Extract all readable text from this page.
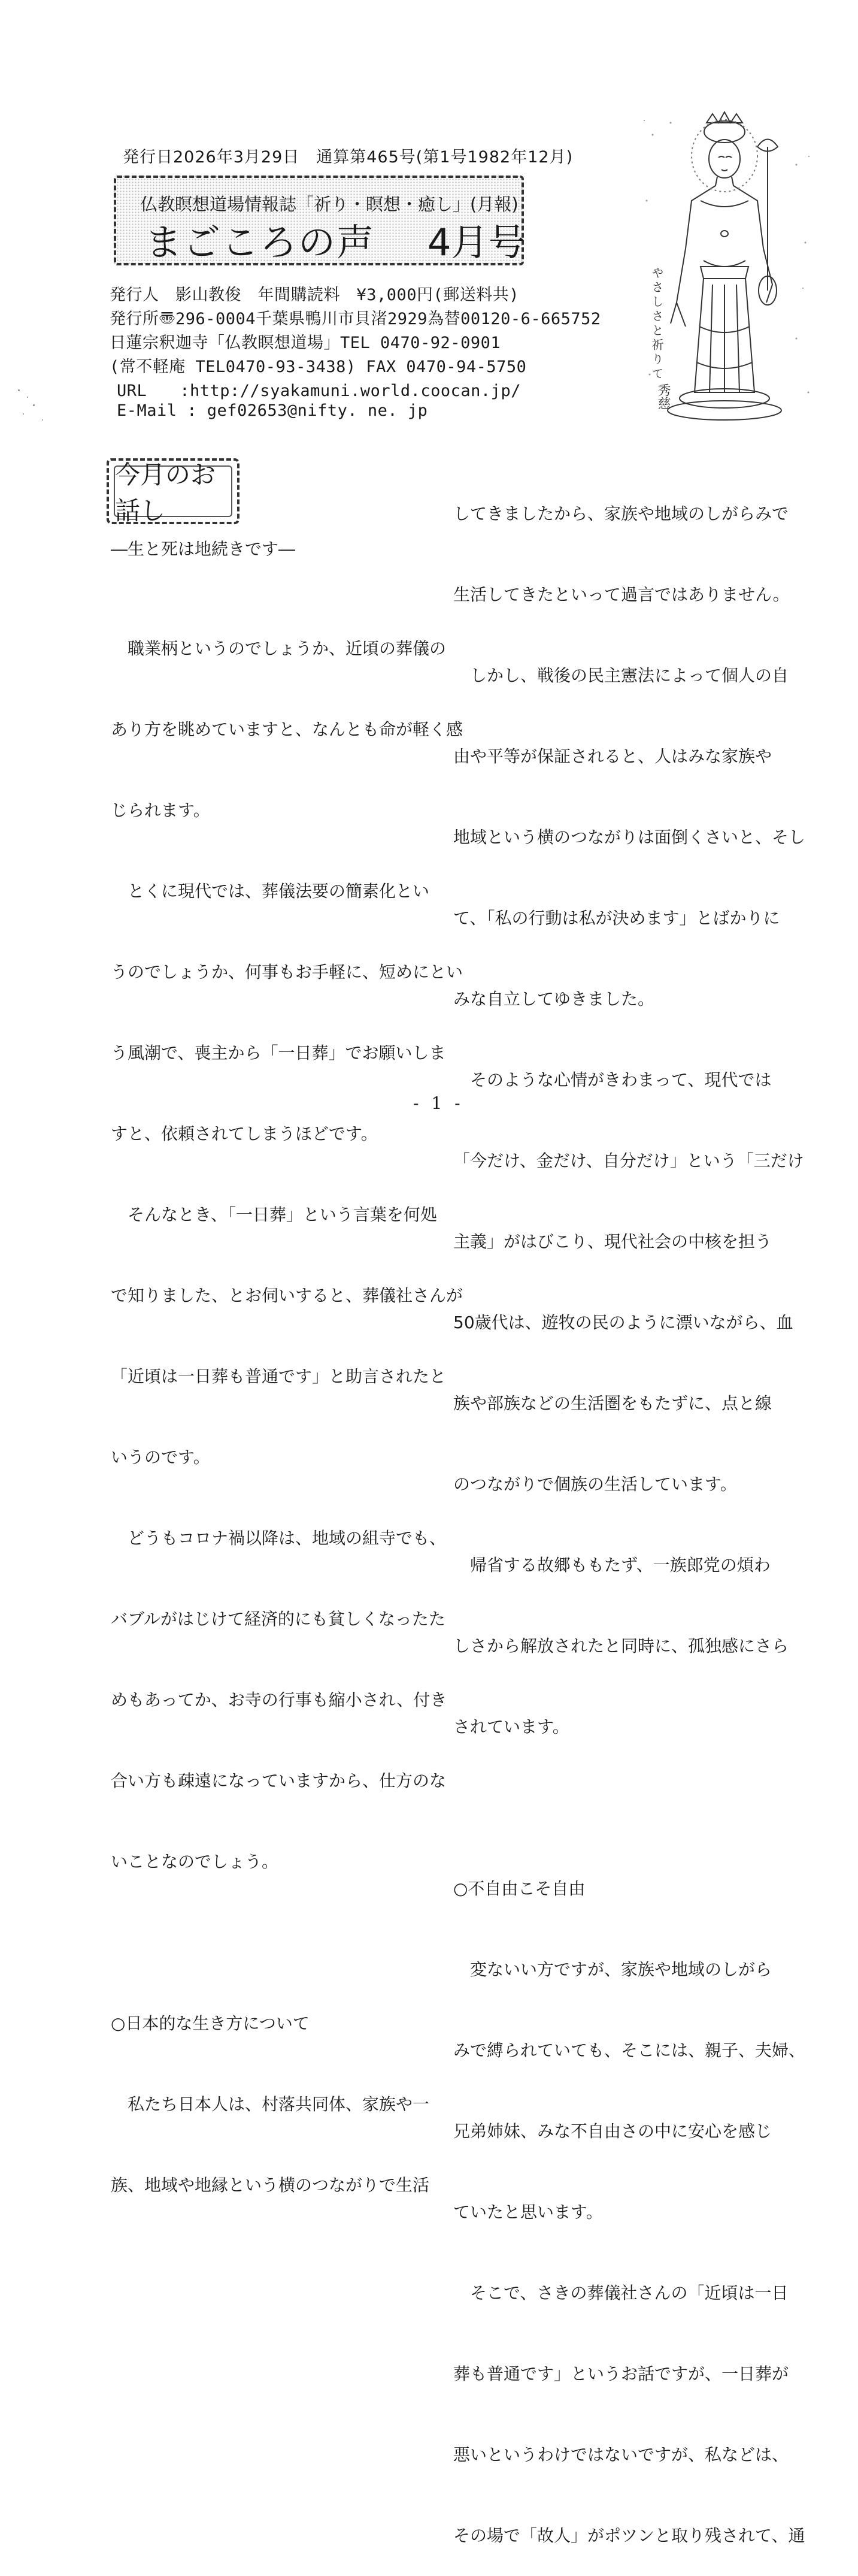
発行日2026年3月29日　通算第465号(第1号1982年12月)
仏教瞑想道場情報誌「祈り・瞑想・癒し」(月報)
まごころの声 4月号
発行人　影山教俊　年間購読料　¥3,000円(郵送料共)
発行所〠296-0004千葉県鴨川市貝渚2929為替00120-6-665752
日蓮宗釈迦寺「仏教瞑想道場」TEL 0470-92-0901
(常不軽庵 TEL0470-93-3438) FAX 0470-94-5750
URL　　:http://syakamuni.world.coocan.jp/
E-Mail : gef02653@nifty. ne. jp
やさしさと祈りて
秀慈
今月のお話し
―生と死は地続きです―

　職業柄というのでしょうか、近頃の葬儀の

あり方を眺めていますと、なんとも命が軽く感

じられます。

　とくに現代では、葬儀法要の簡素化とい

うのでしょうか、何事もお手軽に、短めにとい

う風潮で、喪主から「一日葬」でお願いしま

すと、依頼されてしまうほどです。

　そんなとき、「一日葬」という言葉を何処

で知りました、とお伺いすると、葬儀社さんが

「近頃は一日葬も普通です」と助言されたと

いうのです。

　どうもコロナ禍以降は、地域の組寺でも、

バブルがはじけて経済的にも貧しくなったた

めもあってか、お寺の行事も縮小され、付き

合い方も疎遠になっていますから、仕方のな

いことなのでしょう。

○日本的な生き方について

　私たち日本人は、村落共同体、家族や一

族、地域や地縁という横のつながりで生活

してきましたから、家族や地域のしがらみで

生活してきたといって過言ではありません。

　しかし、戦後の民主憲法によって個人の自

由や平等が保証されると、人はみな家族や

地域という横のつながりは面倒くさいと、そし

て、「私の行動は私が決めます」とばかりに

みな自立してゆきました。

　そのような心情がきわまって、現代では

「今だけ、金だけ、自分だけ」という「三だけ

主義」がはびこり、現代社会の中核を担う

50歳代は、遊牧の民のように漂いながら、血

族や部族などの生活圏をもたずに、点と線

のつながりで個族の生活しています。

　帰省する故郷ももたず、一族郎党の煩わ

しさから解放されたと同時に、孤独感にさら

されています。

○不自由こそ自由

　変ないい方ですが、家族や地域のしがら

みで縛られていても、そこには、親子、夫婦、

兄弟姉妹、みな不自由さの中に安心を感じ

ていたと思います。

　そこで、さきの葬儀社さんの「近頃は一日

葬も普通です」というお話ですが、一日葬が

悪いというわけではないですが、私などは、

その場で「故人」がポツンと取り残されて、通

- 1 -
